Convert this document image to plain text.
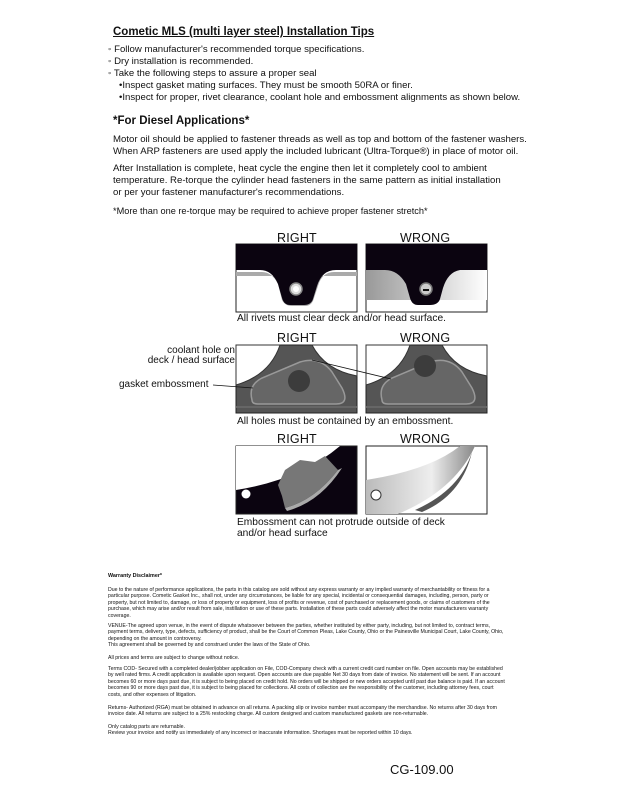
Cometic MLS (multi layer steel) Installation Tips
◦ Follow manufacturer's recommended torque specifications.
◦ Dry installation is recommended.
◦ Take the following steps to assure a proper seal
•Inspect gasket mating surfaces. They must be smooth 50RA or finer.
•Inspect for proper, rivet clearance, coolant hole and embossment alignments as shown below.
*For Diesel Applications*
Motor oil should be applied to fastener threads as well as top and bottom of the fastener washers.
When ARP fasteners are used apply the included lubricant (Ultra-Torque®) in place of motor oil.
After Installation is complete, heat cycle the engine then let it completely cool to ambient
temperature. Re-torque the cylinder head fasteners in the same pattern as initial installation
or per your fastener manufacturer's recommendations.
*More than one re-torque may be required to achieve proper fastener stretch*
RIGHT	WRONG
All rivets must clear deck and/or head surface.
RIGHT	WRONG
coolant hole on
deck / head surface
gasket embossment
All holes must be contained by an embossment.
RIGHT	WRONG
Embossment can not protrude outside of deck
and/or head surface
Warranty Disclaimer*
Due to the nature of performance applications, the parts in this catalog are sold without any express warranty or any implied warranty of merchantability or fitness for a particular purpose. Cometic Gasket Inc., shall not, under any circumstances, be liable for any special, incidental or consequential damages, including, person, party or property, but not limited to, damage, or loss of property or equipment, loss of profits or revenue, cost of purchased or replacement goods, or claims of customers of the purchase, which may arise and/or result from sale, instillation or use of these parts. Installation of these parts could adversely affect the motor manufacturers warranty coverage.
VENUE-The agreed upon venue, in the event of dispute whatsoever between the parties, whether instituted by either party, including, but not limited to, contract terms, payment terms, delivery, type, defects, sufficiency of product, shall be the Court of Common Pleas, Lake County, Ohio or the Painesville Municipal Court, Lake County, Ohio, depending on the amount in controversy.
This agreement shall be governed by and construed under the laws of the State of Ohio.
All prices and terms are subject to change without notice.
Terms COD- Secured with a completed dealer/jobber application on File, COD-Company check with a current credit card number on file. Open accounts may be established by well rated firms. A credit application is available upon request. Open accounts are due payable Net 30 days from date of invoice. No statement will be sent. If an account becomes 60 or more days past due, it is subject to being placed on credit hold. No orders will be shipped or new orders accepted until past due balance is paid. If an account becomes 90 or more days past due, it is subject to being placed for collections. All costs of collection are the responsibility of the customer, including attorney fees, court costs, and other expenses of litigation.
Returns- Authorized (RGA) must be obtained in advance on all returns. A packing slip or invoice number must accompany the merchandise. No returns after 30 days from invoice date. All returns are subject to a 25% restocking charge. All custom designed and custom manufactured gaskets are non-returnable.
Only catalog parts are returnable.
Review your invoice and notify us immediately of any incorrect or inaccurate information. Shortages must be reported within 10 days.
CG-109.00
